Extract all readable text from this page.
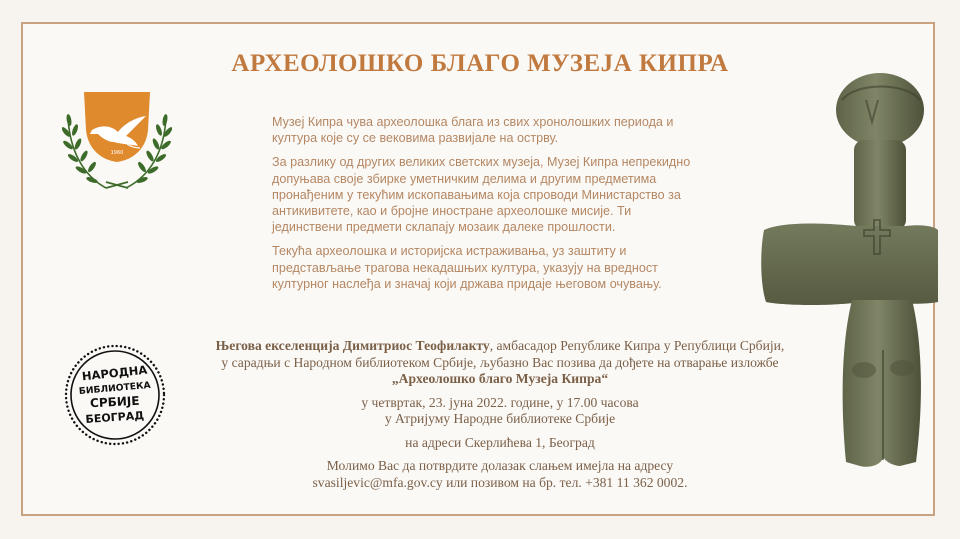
АРХЕОЛОШКО БЛАГО МУЗЕЈА КИПРА
1960

Музеј Кипра чува археолошка блага из свих хронолошких периода и култура које су се вековима развијале на острву.

За разлику од других великих светских музеја, Музеј Кипра непрекидно допуњава своје збирке уметничким делима и другим предметима пронађеним у текућим ископавањима која спроводи Министарство за антикивитете, као и бројне иностране археолошке мисије. Ти јединствени предмети склапају мозаик далеке прошлости.

Текућа археолошка и историјска истраживања, уз заштиту и представљање трагова некадашњих култура, указују на вредност културног наслеђа и значај који држава придаје његовом очувању.

НАРОДНА
БИБЛИОТЕКА
СРБИЈЕ
БЕОГРАД

Његова екселенција Димитриос Теофилакту, амбасадор Републике Кипра у Републици Србији,

у сарадњи с Народном библиотеком Србије, љубазно Вас позива да дођете на отварање изложбе

„Археолошко благо Музеја Кипра“

у четвртак, 23. јуна 2022. године, у 17.00 часова

у Атријуму Народне библиотеке Србије

на адреси Скерлићева 1, Београд

Молимо Вас да потврдите долазак слањем имејла на адресу

svasiljevic@mfa.gov.cy или позивом на бр. тел. +381 11 362 0002.
